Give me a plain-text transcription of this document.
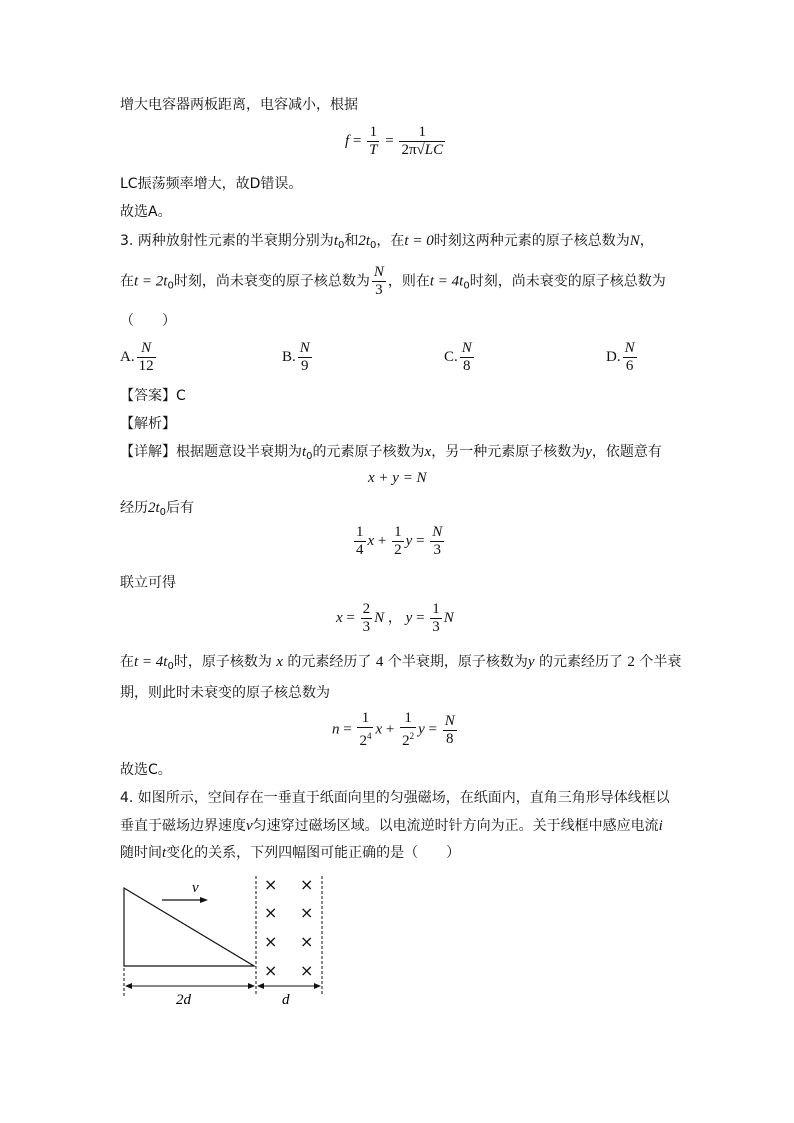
增大电容器两板距离，电容减小，根据
$f = \frac{1}{T} = \frac{1}{2\pi√LC}$
LC振荡频率增大，故D错误。
故选A。
3. 两种放射性元素的半衰期分别为$t_0$和$2t_0$，在t = 0时刻这两种元素的原子核总数为N，
在$t = 2t_0$时刻，尚未衰变的原子核总数为 $\frac{N}{3}$ ，则在$t = 4t_0$时刻，尚未衰变的原子核总数为
（　　）
A. $\frac{N}{12}$	B. $\frac{N}{9}$	C. $\frac{N}{8}$	D. $\frac{N}{6}$
【答案】C
【解析】
【详解】根据题意设半衰期为$t_0$的元素原子核数为x，另一种元素原子核数为y，依题意有
x + y = N
经历$2t_0$后有
$\frac{1}{4}$ $x + \frac{1}{2}$ $y = \frac{N}{3}$
联立可得
$x = \frac{2}{3}$ N ， $y = \frac{1}{3}$ N
在$t = 4t_0$时，原子核数为 x 的元素经历了 4 个半衰期，原子核数为y 的元素经历了 2 个半衰
期，则此时未衰变的原子核总数为
$n = \frac{1}{2^4}$ $x + \frac{1}{2^2}$ $y = \frac{N}{8}$
故选C。
4. 如图所示，空间存在一垂直于纸面向里的匀强磁场，在纸面内，直角三角形导体线框以
垂直于磁场边界速度v匀速穿过磁场区域。以电流逆时针方向为正。关于线框中感应电流i
随时间t变化的关系，下列四幅图可能正确的是（　　）
v	× ×
× ×
× ×
× ×
2d	d
